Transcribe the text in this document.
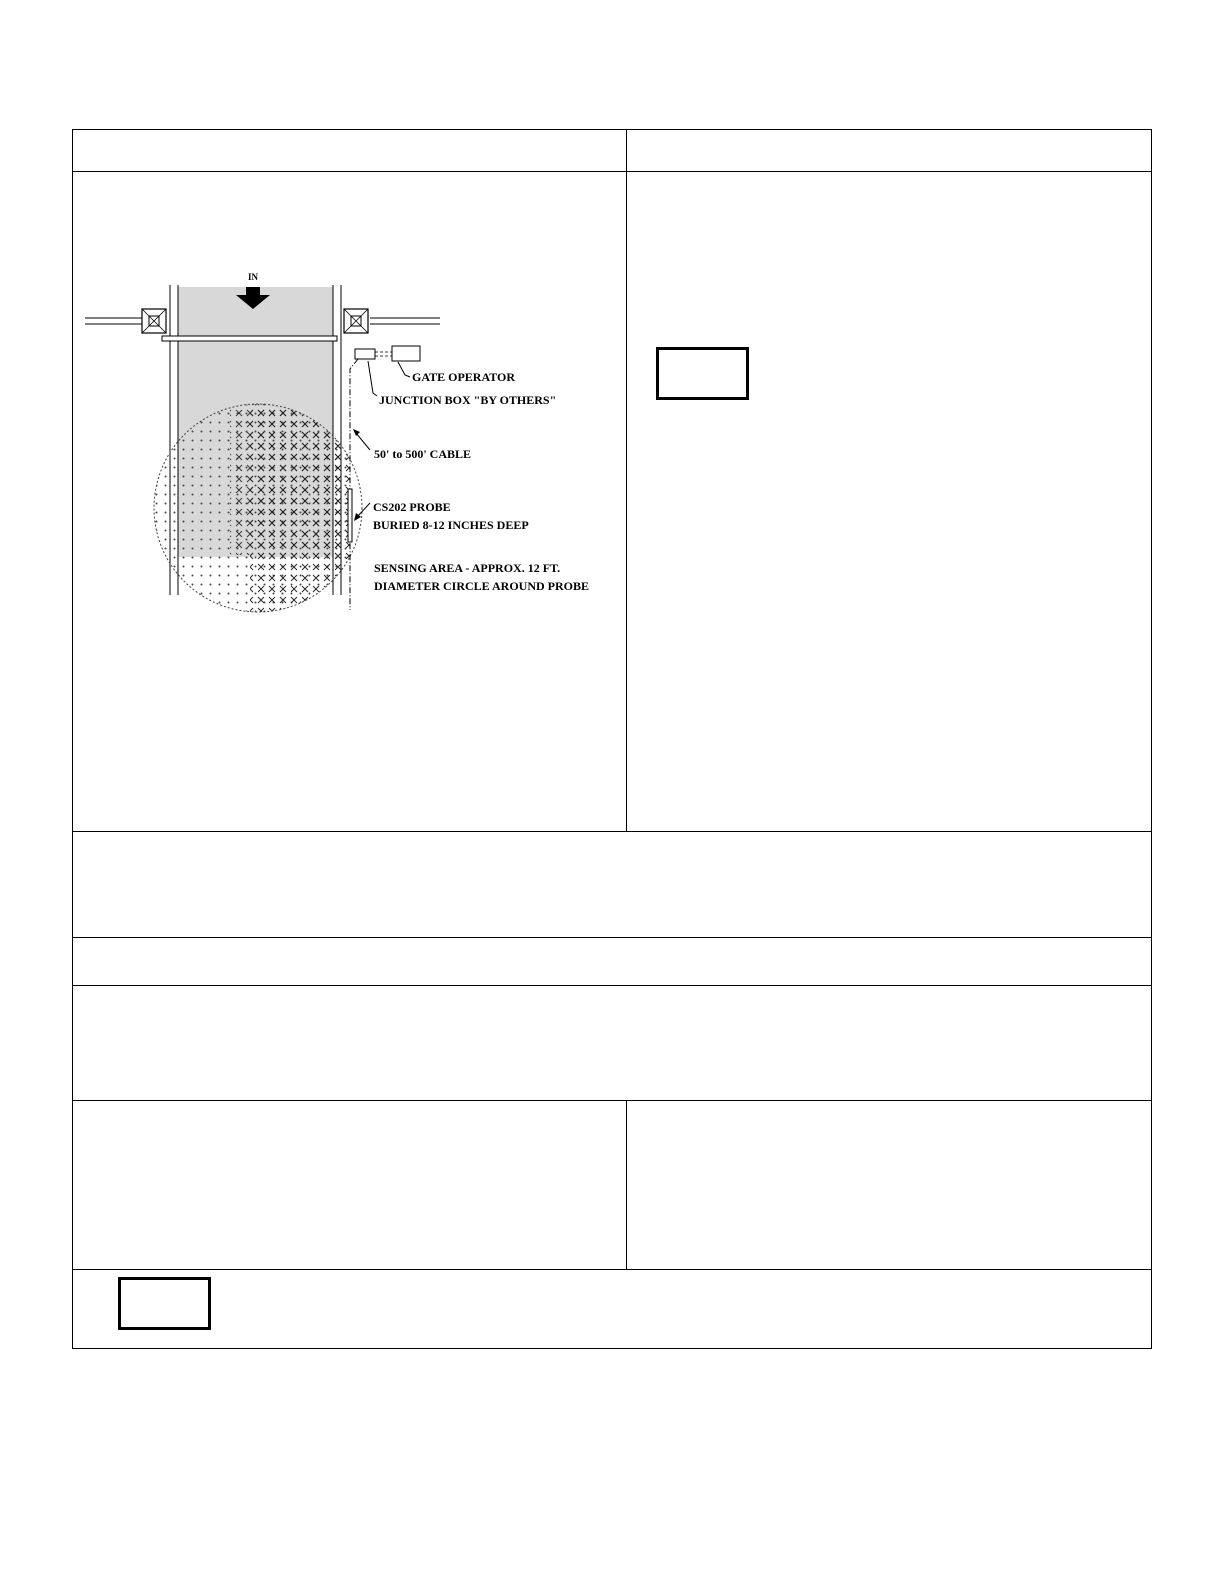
IN
GATE OPERATOR
JUNCTION BOX "BY OTHERS"
50' to 500' CABLE
CS202 PROBE
BURIED 8-12 INCHES DEEP
SENSING AREA - APPROX. 12 FT.
DIAMETER CIRCLE AROUND PROBE
